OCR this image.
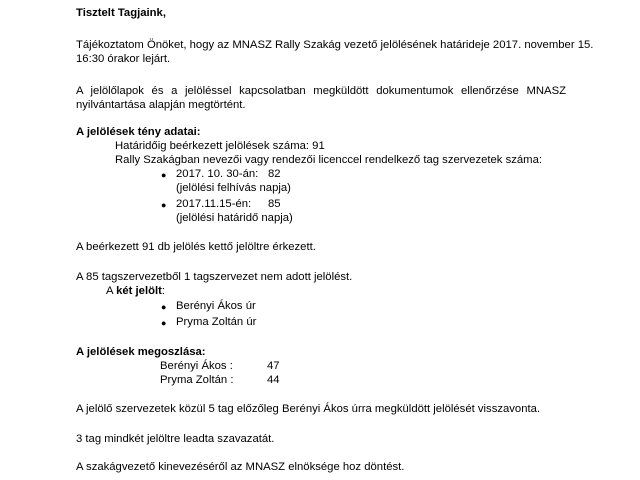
Tisztelt Tagjaink,
Tájékoztatom Önöket, hogy az MNASZ Rally Szakág vezető jelölésének határideje 2017. november 15.
16:30 órakor lejárt.
A jelölőlapok és a jelöléssel kapcsolatban megküldött dokumentumok ellenőrzése MNASZ nyilvántartása alapján megtörtént.
A jelölések tény adatai:
Határidőig beérkezett jelölések száma: 91
Rally Szakágban nevezői vagy rendezői licenccel rendelkező tag szervezetek száma:
● 2017. 10. 30-án: 82
(jelölési felhívás napja)
● 2017.11.15-én: 85
(jelölési határidő napja)
A beérkezett 91 db jelölés kettő jelöltre érkezett.
A 85 tagszervezetből 1 tagszervezet nem adott jelölést.
A két jelölt:
● Berényi Ákos úr
● Pryma Zoltán úr
A jelölések megoszlása:
Berényi Ákos :	47
Pryma Zoltán :	44
A jelölő szervezetek közül 5 tag előzőleg Berényi Ákos úrra megküldött jelölését visszavonta.
3 tag mindkét jelöltre leadta szavazatát.
A szakágvezető kinevezéséről az MNASZ elnöksége hoz döntést.
